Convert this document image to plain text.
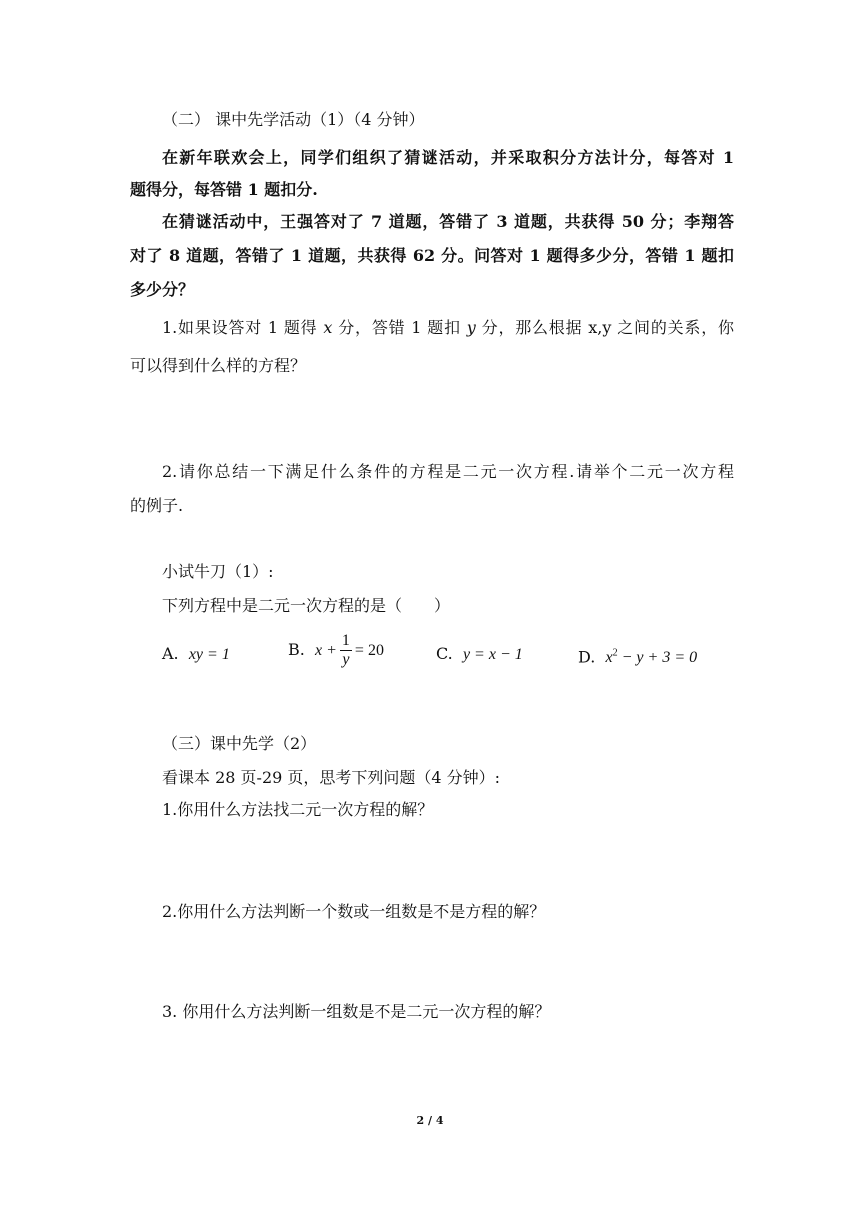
（二） 课中先学活动（1）（4 分钟）
在新年联欢会上，同学们组织了猜谜活动，并采取积分方法计分，每答对 1
题得分，每答错 1 题扣分.
在猜谜活动中，王强答对了 7 道题，答错了 3 道题，共获得 50 分；李翔答
对了 8 道题，答错了 1 道题，共获得 62 分。问答对 1 题得多少分，答错 1 题扣
多少分？
1.如果设答对 1 题得 x 分，答错 1 题扣 y 分，那么根据 x,y 之间的关系，你
可以得到什么样的方程？
2.请你总结一下满足什么条件的方程是二元一次方程.请举个二元一次方程
的例子.
小试牛刀（1）:
下列方程中是二元一次方程的是（　　）
A. xy = 1	B. $x + \frac{1}{y} = 20$	C. y = x − 1	D. $x^2 - y + 3 = 0$
（三）课中先学（2）
看课本 28 页-29 页，思考下列问题（4 分钟）:
1.你用什么方法找二元一次方程的解？
2.你用什么方法判断一个数或一组数是不是方程的解？
3. 你用什么方法判断一组数是不是二元一次方程的解？
2 / 4
